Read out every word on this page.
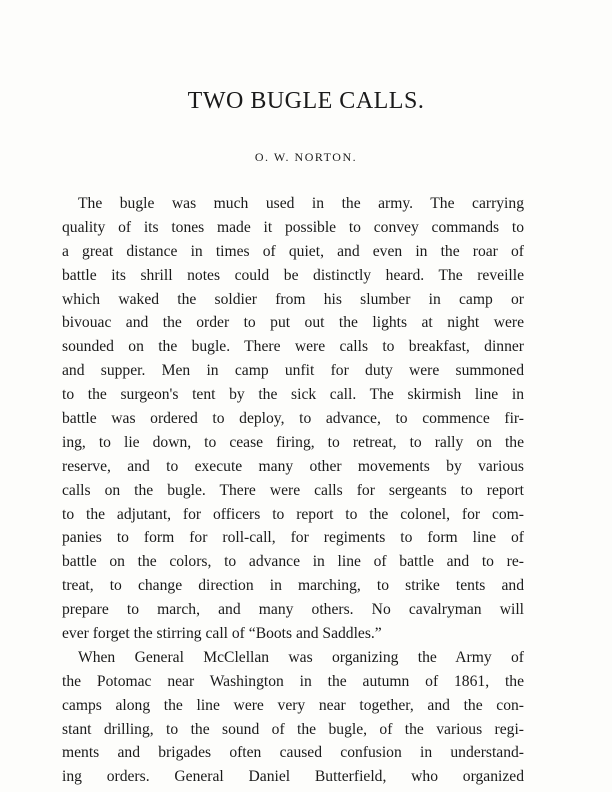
TWO BUGLE CALLS.
O. W. NORTON.
The bugle was much used in the army. The carrying
quality of its tones made it possible to convey commands to
a great distance in times of quiet, and even in the roar of
battle its shrill notes could be distinctly heard. The reveille
which waked the soldier from his slumber in camp or
bivouac and the order to put out the lights at night were
sounded on the bugle. There were calls to breakfast, dinner
and supper. Men in camp unfit for duty were summoned
to the surgeon's tent by the sick call. The skirmish line in
battle was ordered to deploy, to advance, to commence fir-
ing, to lie down, to cease firing, to retreat, to rally on the
reserve, and to execute many other movements by various
calls on the bugle. There were calls for sergeants to report
to the adjutant, for officers to report to the colonel, for com-
panies to form for roll-call, for regiments to form line of
battle on the colors, to advance in line of battle and to re-
treat, to change direction in marching, to strike tents and
prepare to march, and many others. No cavalryman will
ever forget the stirring call of “Boots and Saddles.”
When General McClellan was organizing the Army of
the Potomac near Washington in the autumn of 1861, the
camps along the line were very near together, and the con-
stant drilling, to the sound of the bugle, of the various regi-
ments and brigades often caused confusion in understand-
ing orders. General Daniel Butterfield, who organized
